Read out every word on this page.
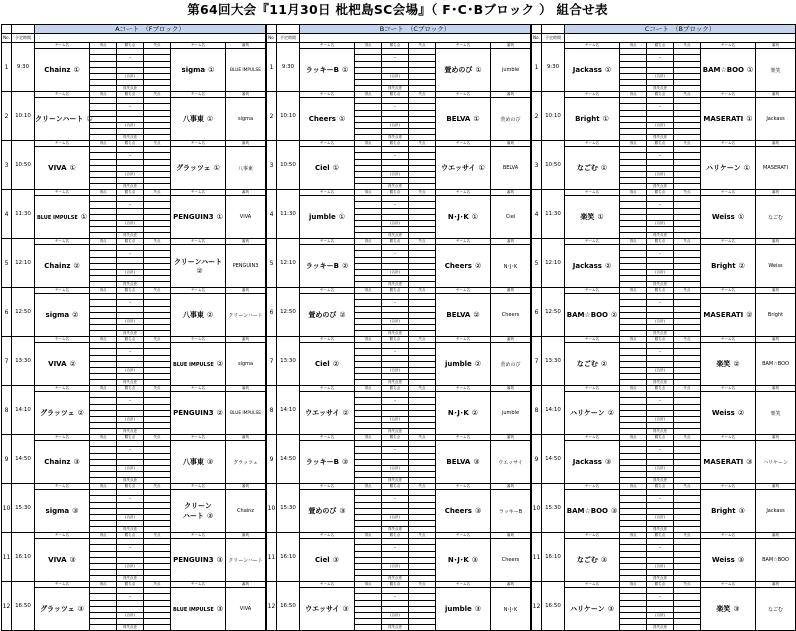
第64回大会『11月30日 枇杷島SC会場』（ F･C･Bブロック ） 組合せ表
		Aコート　（Fブロック）					
No.	予定時間						
1	9:30	チーム名	得点	勝ち点	失点	チーム名	審判
		Chainz ①				sigma ①	BLUE IMPULSE
				-			

				(合計)			

				得失点差			
2	10:10	チーム名	得点	勝ち点	失点	チーム名	審判
		クリーンハート ①				八事東 ①	sigma
				-			

				(合計)			

				得失点差			
3	10:50	チーム名	得点	勝ち点	失点	チーム名	審判
		VIVA ①				グラッツェ ①	八事東
				-			

				(合計)			

				得失点差			
4	11:30	チーム名	得点	勝ち点	失点	チーム名	審判
		BLUE IMPULSE ①				PENGUIN3 ①	VIVA
				-			

				(合計)			

				得失点差			
5	12:10	チーム名	得点	勝ち点	失点	チーム名	審判
		Chainz ②				クリーンハート②	PENGUIN3
				-			

				(合計)			

				得失点差			
6	12:50	チーム名	得点	勝ち点	失点	チーム名	審判
		sigma ②				八事東 ②	クリーンハート
				-			

				(合計)			

				得失点差			
7	13:30	チーム名	得点	勝ち点	失点	チーム名	審判
		VIVA ②				BLUE IMPULSE ②	sigma
				-			

				(合計)			

				得失点差			
8	14:10	チーム名	得点	勝ち点	失点	チーム名	審判
		グラッツェ ②				PENGUIN3 ②	BLUE IMPULSE
				-			

				(合計)			

				得失点差			
9	14:50	チーム名	得点	勝ち点	失点	チーム名	審判
		Chainz ③				八事東 ③	グラッツェ
				-			

				(合計)			

				得失点差			
10	15:30	チーム名	得点	勝ち点	失点	チーム名	審判
		sigma ③				クリーン
ハート ③	Chainz
				-			

				(合計)			

				得失点差			
11	16:10	チーム名	得点	勝ち点	失点	チーム名	審判
		VIVA ③				PENGUIN3 ③	クリーンハート
				-			

				(合計)			

				得失点差			
12	16:50	チーム名	得点	勝ち点	失点	チーム名	審判
		グラッツェ ③				BLUE IMPULSE ③	VIVA
				-			

				(合計)			

				得失点差			
		Bコート　（Cブロック）					
No.	予定時間						
1	9:30	チーム名	得点	勝ち点	失点	チーム名	審判
		ラッキーB ①				萱めのび ①	jumble
				-			

				(合計)			

				得失点差			
2	10:10	チーム名	得点	勝ち点	失点	チーム名	審判
		Cheers ①				BELVA ①	萱めのび
				-			

				(合計)			

				得失点差			
3	10:50	チーム名	得点	勝ち点	失点	チーム名	審判
		Ciel ①				ウエッサイ ①	BELVA
				-			

				(合計)			

				得失点差			
4	11:30	チーム名	得点	勝ち点	失点	チーム名	審判
		jumble ①				N･J･K ①	Ciel
				-			

				(合計)			

				得失点差			
5	12:10	チーム名	得点	勝ち点	失点	チーム名	審判
		ラッキーB ②				Cheers ②	N･J･K
				-			

				(合計)			

				得失点差			
6	12:50	チーム名	得点	勝ち点	失点	チーム名	審判
		萱めのび ②				BELVA ②	Cheers
				-			

				(合計)			

				得失点差			
7	13:30	チーム名	得点	勝ち点	失点	チーム名	審判
		Ciel ②				jumble ②	萱めのび
				-			

				(合計)			

				得失点差			
8	14:10	チーム名	得点	勝ち点	失点	チーム名	審判
		ウエッサイ ②				N･J･K ②	jumble
				-			

				(合計)			

				得失点差			
9	14:50	チーム名	得点	勝ち点	失点	チーム名	審判
		ラッキーB ③				BELVA ③	ウエッサイ
				-			

				(合計)			

				得失点差			
10	15:30	チーム名	得点	勝ち点	失点	チーム名	審判
		萱めのび ③				Cheers ③	ラッキーB
				-			

				(合計)			

				得失点差			
11	16:10	チーム名	得点	勝ち点	失点	チーム名	審判
		Ciel ③				N･J･K ③	Cheers
				-			

				(合計)			

				得失点差			
12	16:50	チーム名	得点	勝ち点	失点	チーム名	審判
		ウエッサイ ③				jumble ③	N･J･K
				-			

				(合計)			

				得失点差			
		Cコート　（Bブロック）					
No.	予定時間						
1	9:30	チーム名	得点	勝ち点	失点	チーム名	審判
		Jackass ①				BAM☆BOO ①	楽笑
				-			

				(合計)			

				得失点差			
2	10:10	チーム名	得点	勝ち点	失点	チーム名	審判
		Bright ①				MASERATI ①	Jackass
				-			

				(合計)			

				得失点差			
3	10:50	チーム名	得点	勝ち点	失点	チーム名	審判
		なごむ ①				ハリケーン ①	MASERATI
				-			

				(合計)			

				得失点差			
4	11:30	チーム名	得点	勝ち点	失点	チーム名	審判
		楽笑 ①				Weiss ①	なごむ
				-			

				(合計)			

				得失点差			
5	12:10	チーム名	得点	勝ち点	失点	チーム名	審判
		Jackass ②				Bright ②	Weiss
				-			

				(合計)			

				得失点差			
6	12:50	チーム名	得点	勝ち点	失点	チーム名	審判
		BAM☆BOO ②				MASERATI ②	Bright
				-			

				(合計)			

				得失点差			
7	13:30	チーム名	得点	勝ち点	失点	チーム名	審判
		なごむ ②				楽笑 ②	BAM☆BOO
				-			

				(合計)			

				得失点差			
8	14:10	チーム名	得点	勝ち点	失点	チーム名	審判
		ハリケーン ②				Weiss ②	楽笑
				-			

				(合計)			

				得失点差			
9	14:50	チーム名	得点	勝ち点	失点	チーム名	審判
		Jackass ③				MASERATI ③	ハリケーン
				-			

				(合計)			

				得失点差			
10	15:30	チーム名	得点	勝ち点	失点	チーム名	審判
		BAM☆BOO ③				Bright ③	Jackass
				-			

				(合計)			

				得失点差			
11	16:10	チーム名	得点	勝ち点	失点	チーム名	審判
		なごむ ③				Weiss ③	BAM☆BOO
				-			

				(合計)			

				得失点差			
12	16:50	チーム名	得点	勝ち点	失点	チーム名	審判
		ハリケーン ③				楽笑 ③	なごむ
				-			

				(合計)			

				得失点差			
